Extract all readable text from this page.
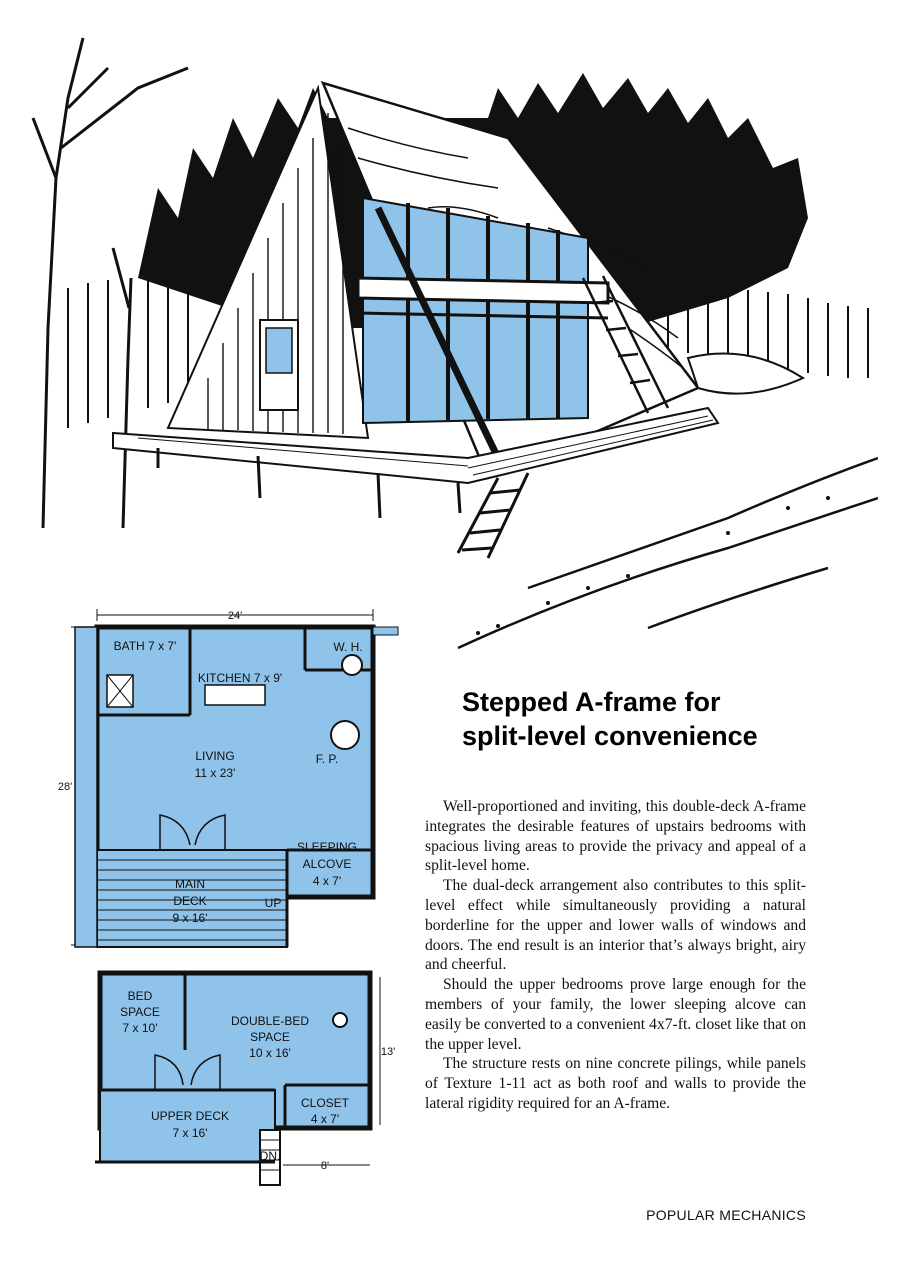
24'
28'
BATH 7 x 7'
KITCHEN 7 x 9'
W. H.
LIVING
11 x 23'
F. P.
SLEEPING
ALCOVE
4 x 7'
MAIN
DECK
9 x 16'
UP
13'
8'
BED
SPACE
7 x 10'	DOUBLE-BED
SPACE
10 x 16'
CLOSET
4 x 7'
UPPER DECK
7 x 16'
DN.
Stepped A-frame for
split-level convenience

Well-proportioned and inviting, this double-deck A-frame integrates the desirable features of upstairs bedrooms with spacious living areas to provide the privacy and appeal of a split-level home.

The dual-deck arrangement also contributes to this split-level effect while simultaneously providing a natural borderline for the upper and lower walls of windows and doors. The end result is an interior that’s always bright, airy and cheerful.

Should the upper bedrooms prove large enough for the members of your family, the lower sleeping alcove can easily be converted to a convenient 4x7-ft. closet like that on the upper level.

The structure rests on nine concrete pilings, while panels of Texture 1-11 act as both roof and walls to provide the lateral rigidity required for an A-frame.

POPULAR MECHANICS
